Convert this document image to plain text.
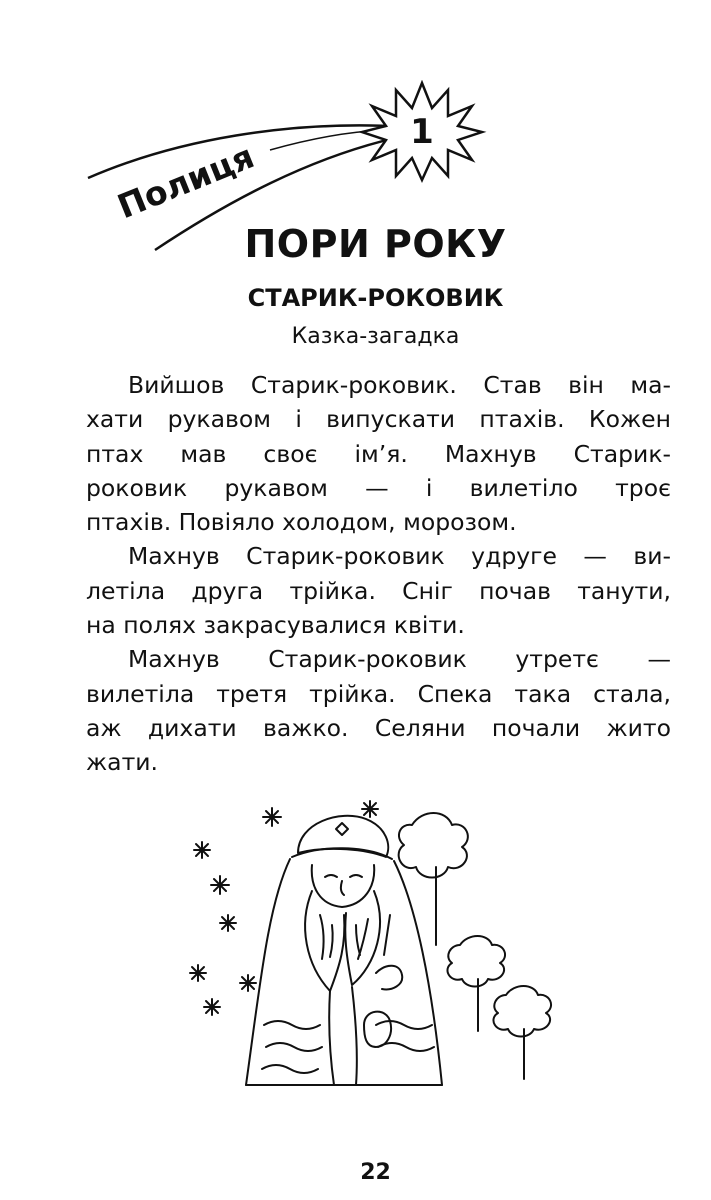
1
Полиця
ПОРИ РОКУ
СТАРИК-РОКОВИК
Казка-загадка
Вийшов Старик-роковик. Став він ма-
хати рукавом і випускати птахів. Кожен
птах мав своє ім’я. Махнув Старик-
роковик рукавом — і вилетіло троє
птахів. Повіяло холодом, морозом.
Махнув Старик-роковик удруге — ви-
летіла друга трійка. Сніг почав танути,
на полях закрасувалися квіти.
Махнув Старик-роковик утретє —
вилетіла третя трійка. Спека така стала,
аж дихати важко. Селяни почали жито
жати.
22
